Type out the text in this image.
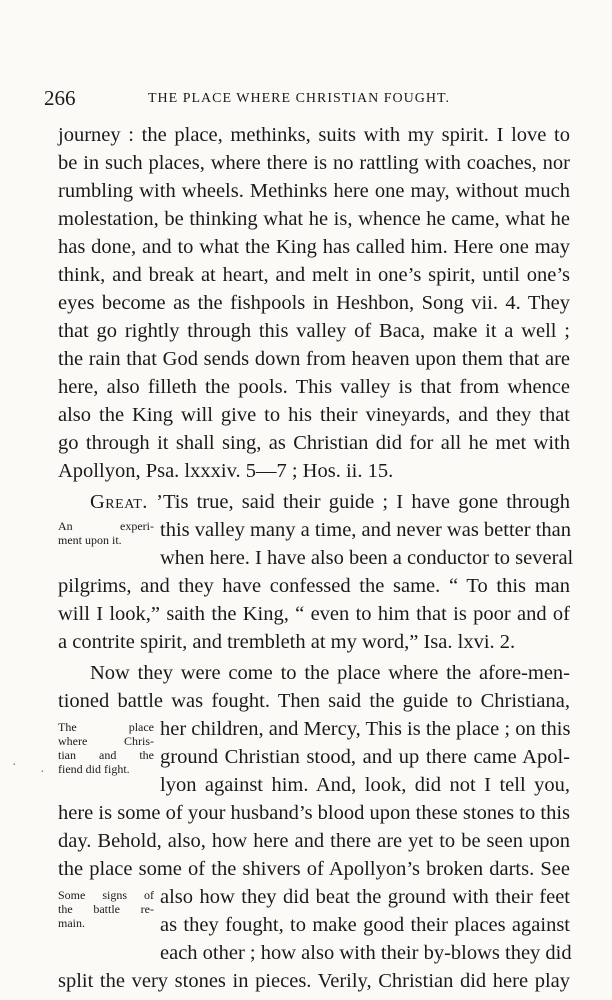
266	THE PLACE WHERE CHRISTIAN FOUGHT.
journey : the place, methinks, suits with my spirit. I love to
be in such places, where there is no rattling with coaches, nor
rumbling with wheels. Methinks here one may, without much
molestation, be thinking what he is, whence he came, what he
has done, and to what the King has called him. Here one may
think, and break at heart, and melt in one’s spirit, until one’s
eyes become as the fishpools in Heshbon, Song vii. 4. They
that go rightly through this valley of Baca, make it a well ;
the rain that God sends down from heaven upon them that are
here, also filleth the pools. This valley is that from whence
also the King will give to his their vineyards, and they that
go through it shall sing, as Christian did for all he met with
Apollyon, Psa. lxxxiv. 5—7 ; Hos. ii. 15.
Great. ’Tis true, said their guide ; I have gone through
An experi-
ment upon it.	this valley many a time, and never was better than
when here. I have also been a conductor to several
pilgrims, and they have confessed the same. “ To this man
will I look,” saith the King, “ even to him that is poor and of
a contrite spirit, and trembleth at my word,” Isa. lxvi. 2.
Now they were come to the place where the afore-men-
tioned battle was fought. Then said the guide to Christiana,
The place
where Chris-
tian and the
fiend did fight.
her children, and Mercy, This is the place ; on this
ground Christian stood, and up there came Apol-
lyon against him. And, look, did not I tell you,
here is some of your husband’s blood upon these stones to this
day. Behold, also, how here and there are yet to be seen upon
the place some of the shivers of Apollyon’s broken darts. See
Some signs of
the battle re-
main.
also how they did beat the ground with their feet
as they fought, to make good their places against
each other ; how also with their by-blows they did
split the very stones in pieces. Verily, Christian did here play
· ·
